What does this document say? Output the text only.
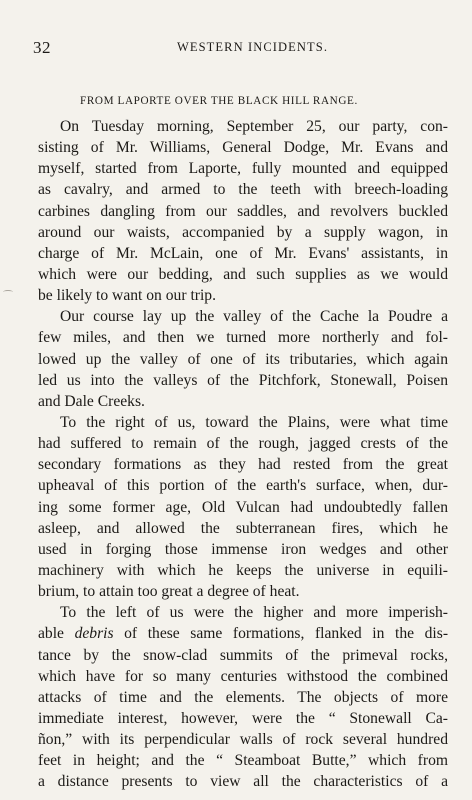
32	WESTERN INCIDENTS.
FROM LAPORTE OVER THE BLACK HILL RANGE.
On Tuesday morning, September 25, our party, con-
sisting of Mr. Williams, General Dodge, Mr. Evans and
myself, started from Laporte, fully mounted and equipped
as cavalry, and armed to the teeth with breech-loading
carbines dangling from our saddles, and revolvers buckled
around our waists, accompanied by a supply wagon, in
charge of Mr. McLain, one of Mr. Evans' assistants, in
which were our bedding, and such supplies as we would
be likely to want on our trip.
Our course lay up the valley of the Cache la Poudre a
few miles, and then we turned more northerly and fol-
lowed up the valley of one of its tributaries, which again
led us into the valleys of the Pitchfork, Stonewall, Poisen
and Dale Creeks.
To the right of us, toward the Plains, were what time
had suffered to remain of the rough, jagged crests of the
secondary formations as they had rested from the great
upheaval of this portion of the earth's surface, when, dur-
ing some former age, Old Vulcan had undoubtedly fallen
asleep, and allowed the subterranean fires, which he
used in forging those immense iron wedges and other
machinery with which he keeps the universe in equili-
brium, to attain too great a degree of heat.
To the left of us were the higher and more imperish-
able debris of these same formations, flanked in the dis-
tance by the snow-clad summits of the primeval rocks,
which have for so many centuries withstood the combined
attacks of time and the elements. The objects of more
immediate interest, however, were the “ Stonewall Ca-
ñon,” with its perpendicular walls of rock several hundred
feet in height; and the “ Steamboat Butte,” which from
a distance presents to view all the characteristics of a
